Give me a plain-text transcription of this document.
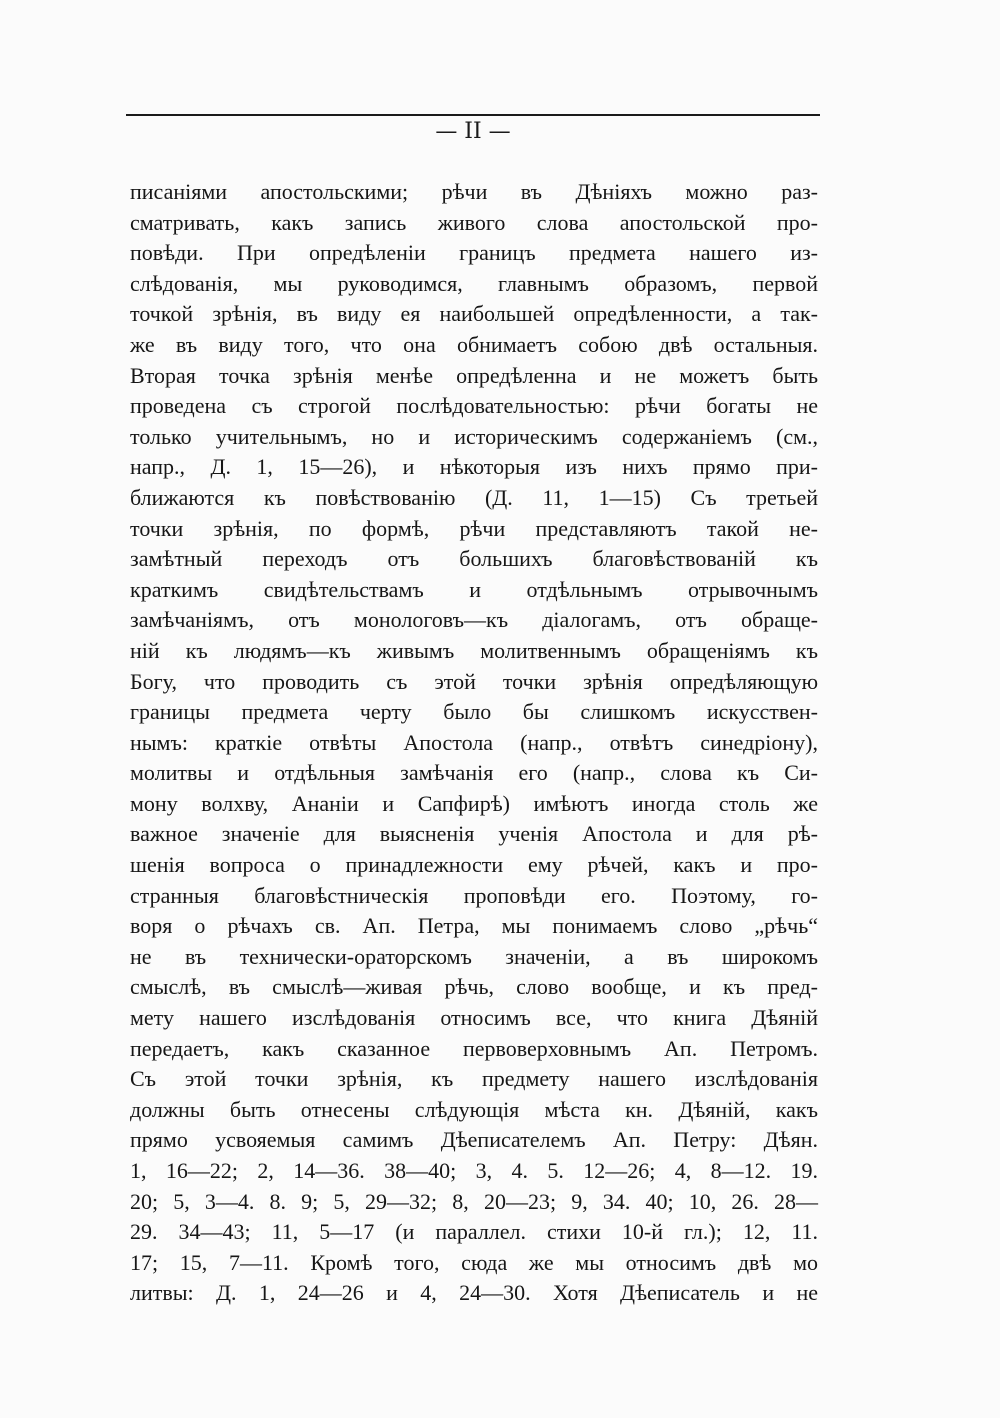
— II —
писаніями апостольскими; рѣчи въ Дѣніяхъ можно раз-
сматривать, какъ запись живого слова апостольской про-
повѣди. При опредѣленіи границъ предмета нашего из-
слѣдованія, мы руководимся, главнымъ образомъ, первой
точкой зрѣнія, въ виду ея наибольшей опредѣленности, а так-
же въ виду того, что она обнимаетъ собою двѣ остальныя.
Вторая точка зрѣнія менѣе опредѣленна и не можетъ быть
проведена съ строгой послѣдовательностью: рѣчи богаты не
только учительнымъ, но и историческимъ содержаніемъ (см.,
напр., Д. 1, 15—26), и нѣкоторыя изъ нихъ прямо при-
ближаются къ повѣствованію (Д. 11, 1—15) Съ третьей
точки зрѣнія, по формѣ, рѣчи представляютъ такой не-
замѣтный переходъ отъ большихъ благовѣствованій къ
краткимъ свидѣтельствамъ и отдѣльнымъ отрывочнымъ
замѣчаніямъ, отъ монологовъ—къ діалогамъ, отъ обраще-
ній къ людямъ—къ живымъ молитвеннымъ обращеніямъ къ
Богу, что проводить съ этой точки зрѣнія опредѣляющую
границы предмета черту было бы слишкомъ искусствен-
нымъ: краткіе отвѣты Апостола (напр., отвѣтъ синедріону),
молитвы и отдѣльныя замѣчанія его (напр., слова къ Си-
мону волхву, Ананіи и Сапфирѣ) имѣютъ иногда столь же
важное значеніе для выясненія ученія Апостола и для рѣ-
шенія вопроса о принадлежности ему рѣчей, какъ и про-
странныя благовѣстническія проповѣди его. Поэтому, го-
воря о рѣчахъ св. Ап. Петра, мы понимаемъ слово „рѣчь“
не въ технически-ораторскомъ значеніи, а въ широкомъ
смыслѣ, въ смыслѣ—живая рѣчь, слово вообще, и къ пред-
мету нашего изслѣдованія относимъ все, что книга Дѣяній
передаетъ, какъ сказанное первоверховнымъ Ап. Петромъ.
Съ этой точки зрѣнія, къ предмету нашего изслѣдованія
должны быть отнесены слѣдующія мѣста кн. Дѣяній, какъ
прямо усвояемыя самимъ Дѣеписателемъ Ап. Петру: Дѣян.
1, 16—22; 2, 14—36. 38—40; 3, 4. 5. 12—26; 4, 8—12. 19.
20; 5, 3—4. 8. 9; 5, 29—32; 8, 20—23; 9, 34. 40; 10, 26. 28—
29. 34—43; 11, 5—17 (и параллел. стихи 10-й гл.); 12, 11.
17; 15, 7—11. Кромѣ того, сюда же мы относимъ двѣ мо
литвы: Д. 1, 24—26 и 4, 24—30. Хотя Дѣеписатель и не
